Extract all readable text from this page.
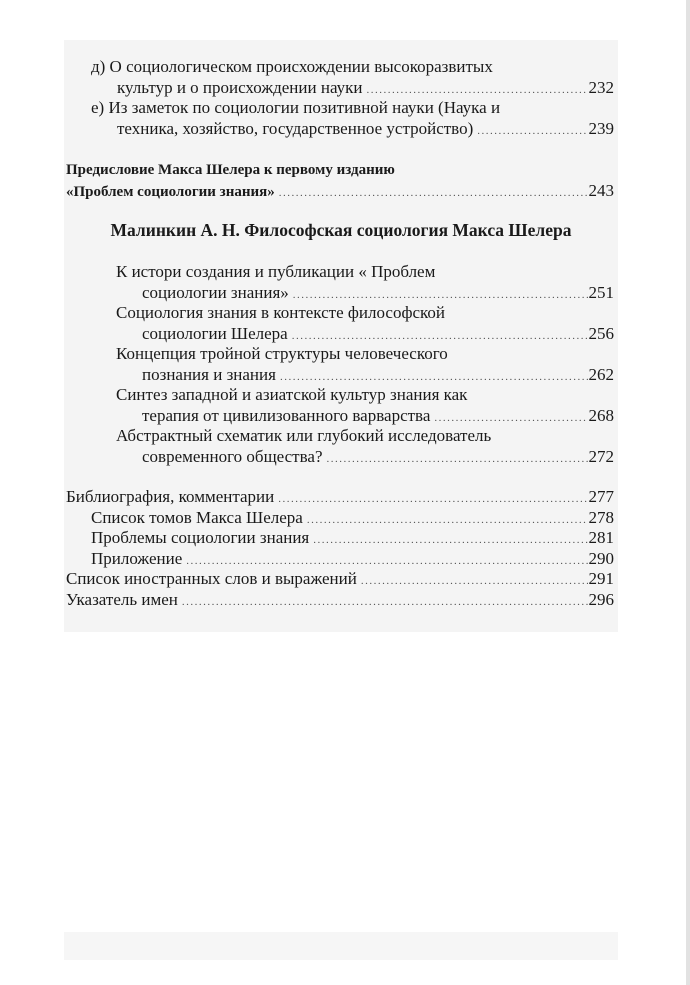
д) О социологическом происхождении высокоразвитых
культур и о происхождении науки .....	232
е) Из заметок по социологии позитивной науки (Наука и
техника, хозяйство, государственное устройство) .....	239
Предисловие Макса Шелера к первому изданию
«Проблем социологии знания» .....	243
Малинкин А. Н. Философская социология Макса Шелера
К истори создания и публикации « Проблем
социологии знания» .....	251
Социология знания в контексте философской
социологии Шелера .....	256
Концепция тройной структуры человеческого
познания и знания .....	262
Синтез западной и азиатской культур знания как
терапия от цивилизованного варварства .....	268
Абстрактный схематик или глубокий исследователь
современного общества? .....	272
Библиография, комментарии .....	277
Список томов Макса Шелера .....	278
Проблемы социологии знания .....	281
Приложение .....	290
Список иностранных слов и выражений .....	291
Указатель имен .....	296
